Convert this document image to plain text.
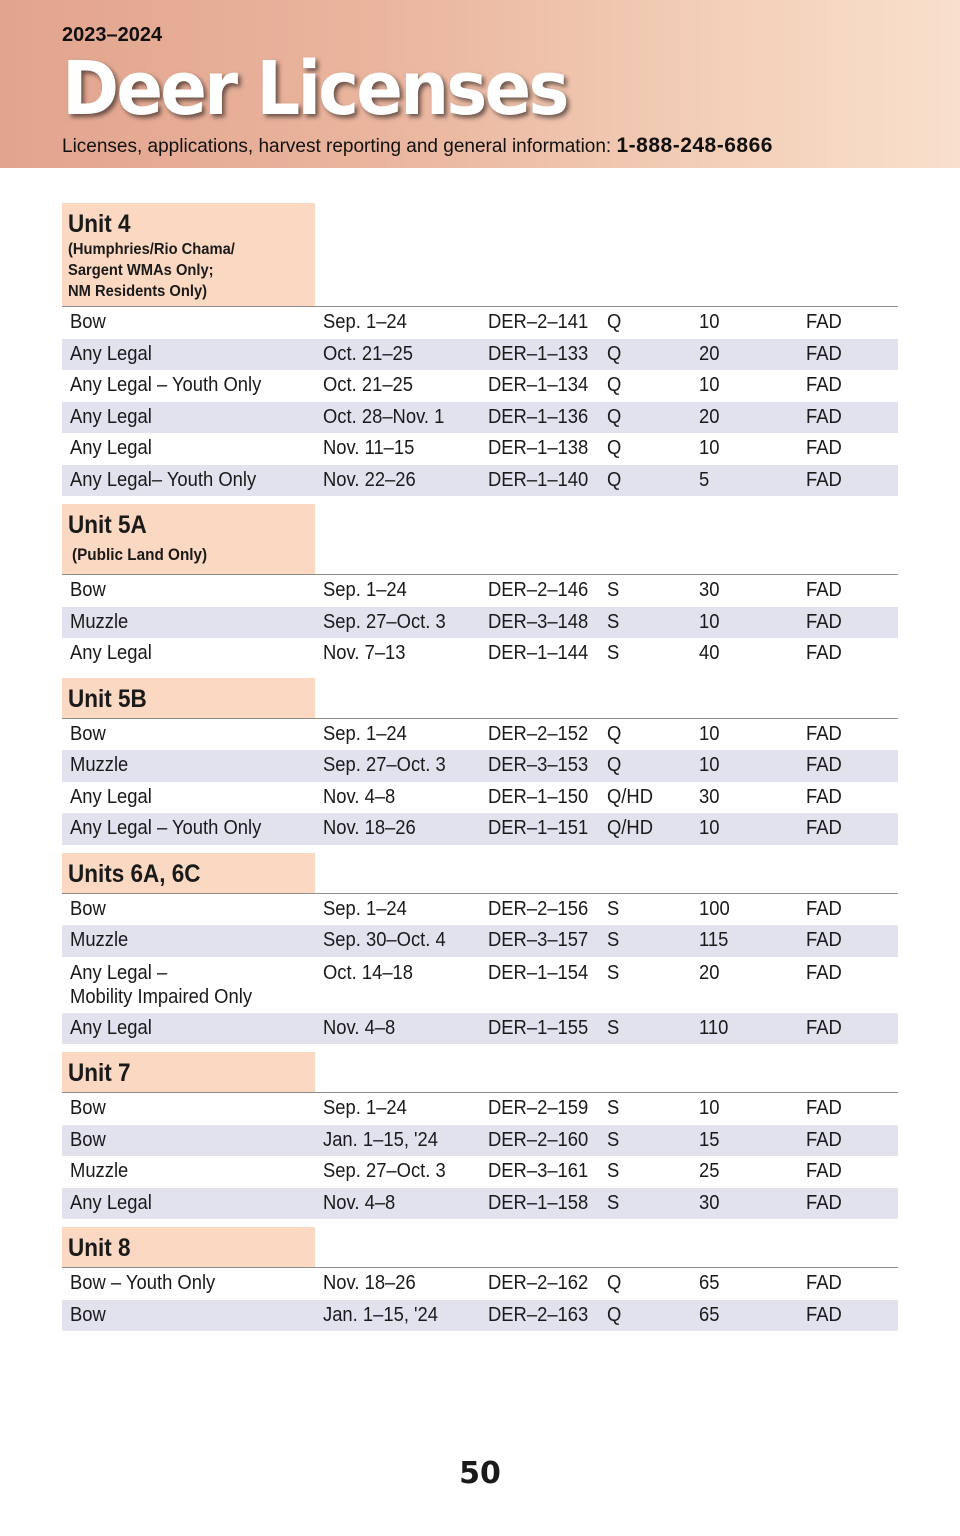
2023–2024
Deer Licenses
Licenses, applications, harvest reporting and general information: 1-888-248-6866
Unit 4
(Humphries/Rio Chama/
Sargent WMAs Only;
NM Residents Only)
Bow	Sep. 1–24	DER–2–141 Q	10	FAD
Any Legal	Oct. 21–25	DER–1–133 Q	20	FAD
Any Legal – Youth Only	Oct. 21–25	DER–1–134 Q	10	FAD
Any Legal	Oct. 28–Nov. 1	DER–1–136 Q	20	FAD
Any Legal	Nov. 11–15	DER–1–138 Q	10	FAD
Any Legal– Youth Only	Nov. 22–26	DER–1–140 Q	5	FAD
Unit 5A(Public Land Only)
Bow	Sep. 1–24	DER–2–146 S	30	FAD
Muzzle	Sep. 27–Oct. 3	DER–3–148 S	10	FAD
Any Legal	Nov. 7–13	DER–1–144 S	40	FAD
Unit 5B
Bow	Sep. 1–24	DER–2–152 Q	10	FAD
Muzzle	Sep. 27–Oct. 3	DER–3–153 Q	10	FAD
Any Legal	Nov. 4–8	DER–1–150 Q/HD	30	FAD
Any Legal – Youth Only	Nov. 18–26	DER–1–151 Q/HD	10	FAD
Units 6A, 6C
Bow	Sep. 1–24	DER–2–156 S	100	FAD
Muzzle	Sep. 30–Oct. 4	DER–3–157 S	115	FAD
Any Legal –
Mobility Impaired Only
Oct. 14–18	DER–1–154 S	20	FAD
Any Legal	Nov. 4–8	DER–1–155 S	110	FAD
Unit 7
Bow	Sep. 1–24	DER–2–159 S	10	FAD
Bow	Jan. 1–15, '24	DER–2–160 S	15	FAD
Muzzle	Sep. 27–Oct. 3	DER–3–161 S	25	FAD
Any Legal	Nov. 4–8	DER–1–158 S	30	FAD
Unit 8
Bow – Youth Only	Nov. 18–26	DER–2–162 Q	65	FAD
Bow	Jan. 1–15, '24	DER–2–163 Q	65	FAD
50
